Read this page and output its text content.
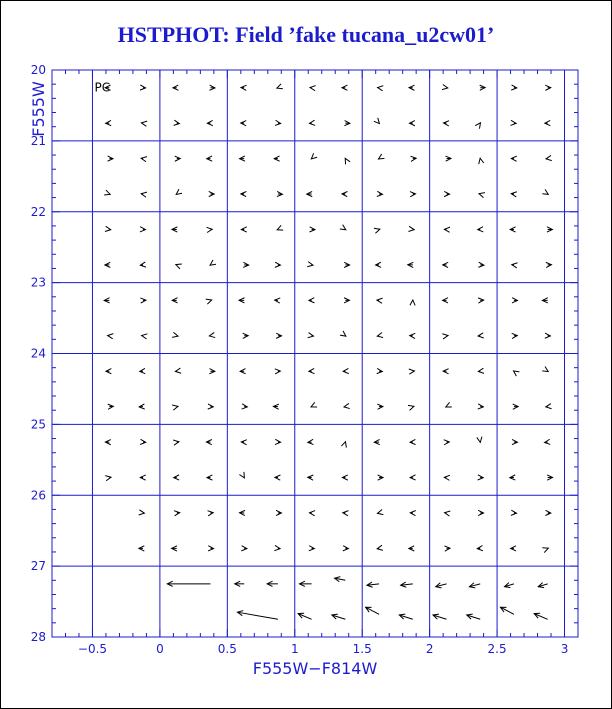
HSTPHOT: Field ’fake tucana_u2cw01’
−0.5	0	0.5	1	1.5	2	2.5	3
20
21
22
23
24
25
26
27
28
PC
F555W−F814W
F555W
